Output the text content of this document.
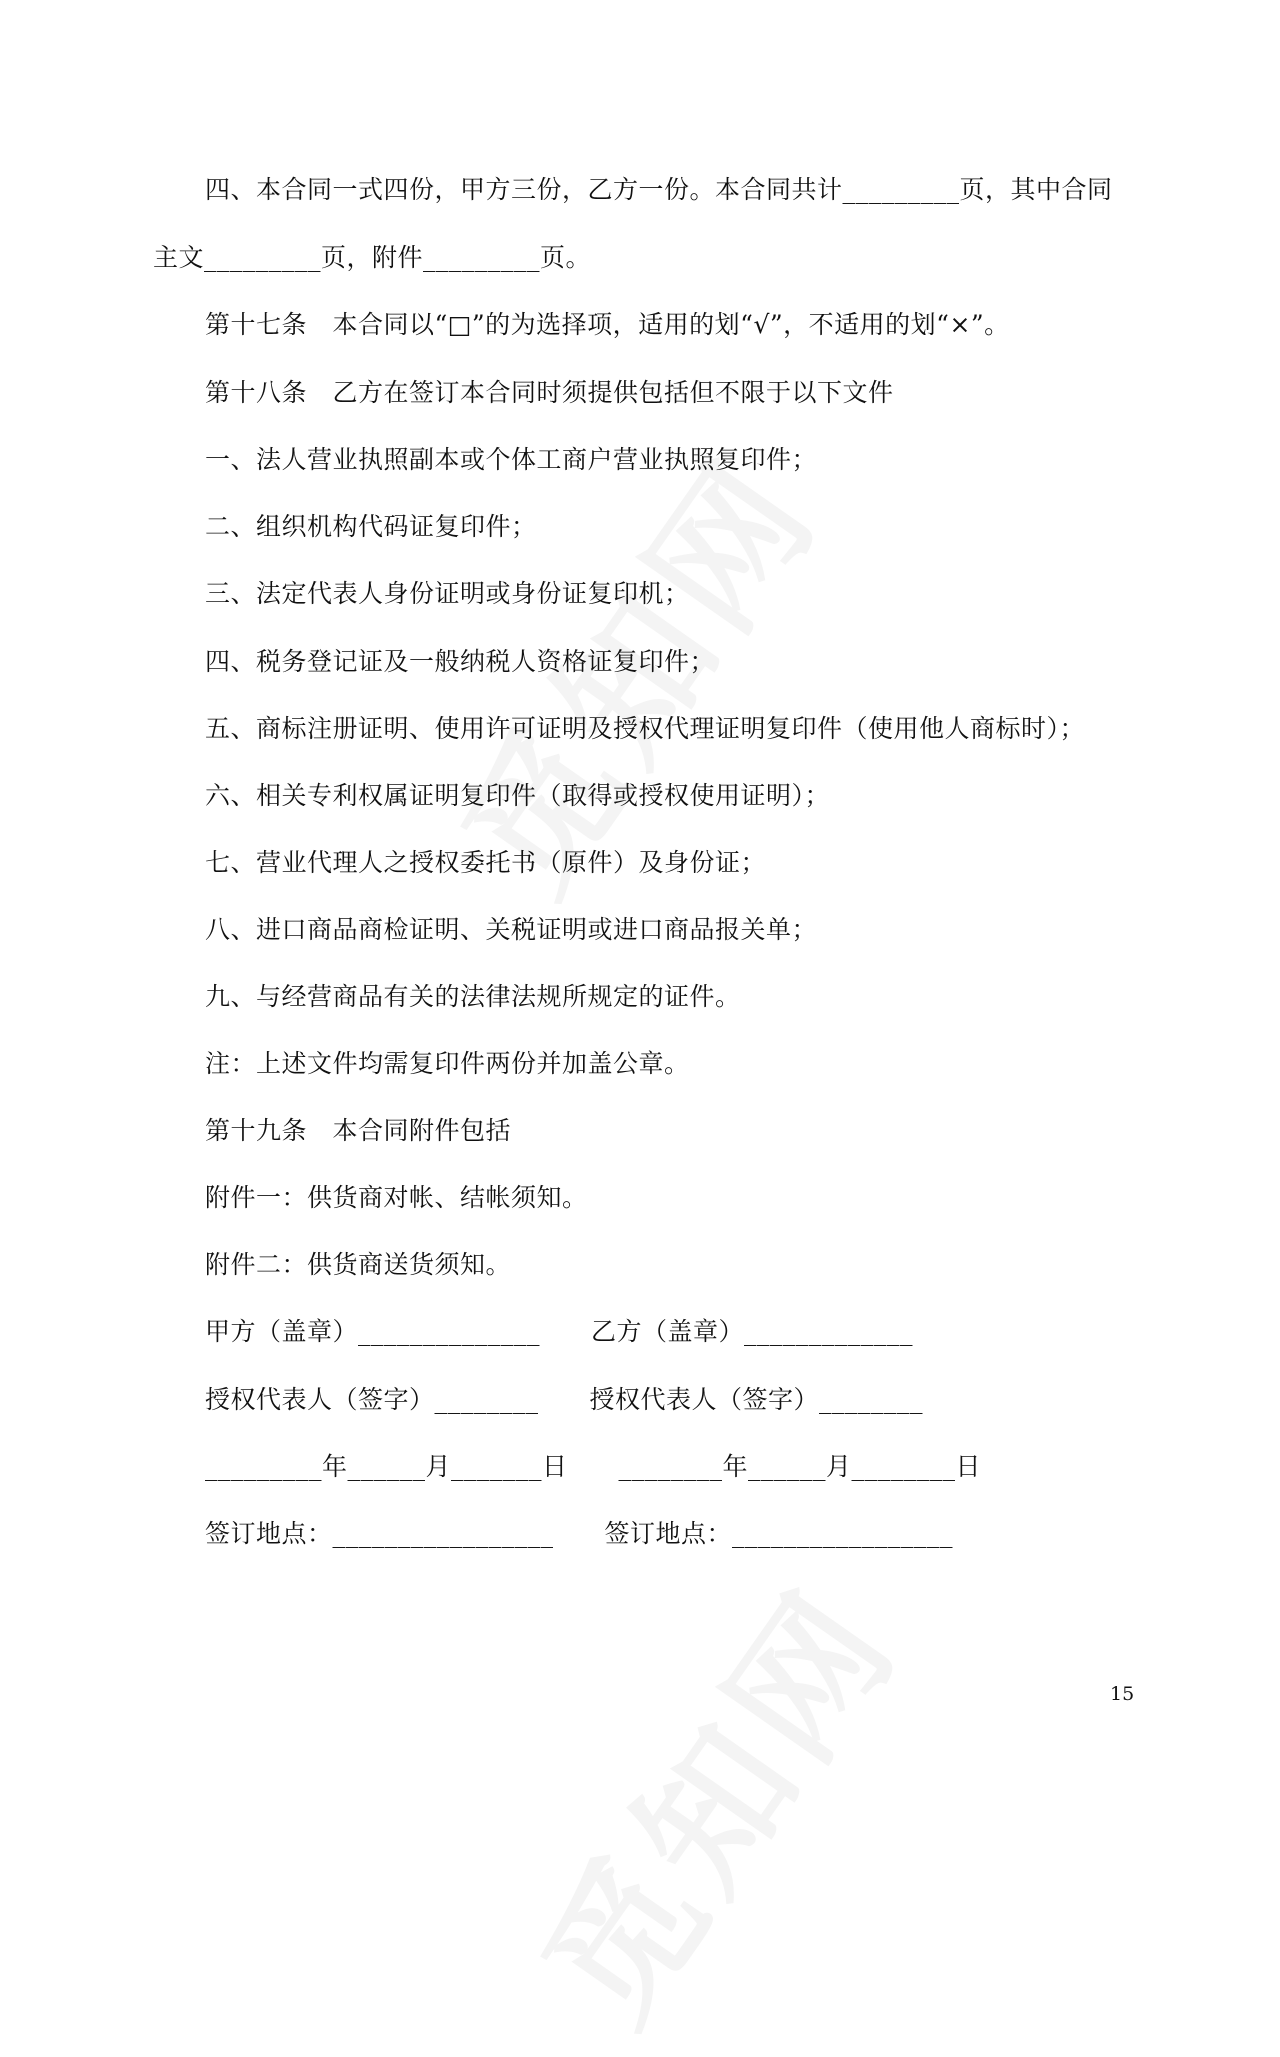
四、本合同一式四份，甲方三份，乙方一份。本合同共计_________页，其中合同
主文_________页，附件_________页。
第十七条　本合同以“□”的为选择项，适用的划“√”，不适用的划“×”。
第十八条　乙方在签订本合同时须提供包括但不限于以下文件
一、法人营业执照副本或个体工商户营业执照复印件；
二、组织机构代码证复印件；
三、法定代表人身份证明或身份证复印机；
四、税务登记证及一般纳税人资格证复印件；
五、商标注册证明、使用许可证明及授权代理证明复印件（使用他人商标时）；
六、相关专利权属证明复印件（取得或授权使用证明）；
七、营业代理人之授权委托书（原件）及身份证；
八、进口商品商检证明、关税证明或进口商品报关单；
九、与经营商品有关的法律法规所规定的证件。
注：上述文件均需复印件两份并加盖公章。
第十九条　本合同附件包括
附件一：供货商对帐、结帐须知。
附件二：供货商送货须知。
甲方（盖章）______________　　乙方（盖章）_____________
授权代表人（签字）________　　授权代表人（签字）________
_________年______月_______日　　________年______月________日
签订地点：_________________　　签订地点：_________________
15
